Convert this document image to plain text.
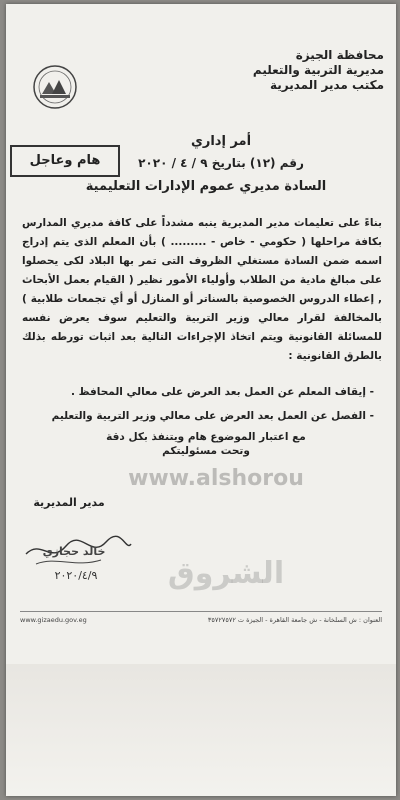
محافظة الجيزة
مديرية التربية والتعليم
مكتب مدير المديرية
هام وعاجل
أمر إداري
رقم (١٢) بتاريخ ٩ / ٤ / ٢٠٢٠
السادة مديري عموم الإدارات التعليمية
بناءً على تعليمات مدير المديرية ينبه مشدداً على كافة مديري المدارس بكافة مراحلها ( حكومي - خاص - ......... ) بأن المعلم الذى يتم إدراج اسمه ضمن السادة مستغلي الظروف التى تمر بها البلاد لكى يحصلوا على مبالغ مادية من الطلاب وأولياء الأمور نظير ( القيام بعمل الأبحاث , إعطاء الدروس الخصوصية بالسناتر أو المنازل أو أي تجمعات طلابية ) بالمخالفة لقرار معالي وزير التربية والتعليم سوف يعرض نفسه للمسائلة القانونية ويتم اتخاذ الإجراءات التالية بعد اثبات تورطه بذلك بالطرق القانونية :
- إيقاف المعلم عن العمل بعد العرض على معالي المحافظ .
- الفصل عن العمل بعد العرض على معالي وزير التربية والتعليم
مع اعتبار الموضوع هام ويتنفذ بكل دقة
وتحت مسئوليتكم
www.alshorou
مدير المديرية
خالد حجازي
٢٠٢٠/٤/٩	الشروق
www.gizaedu.gov.eg	العنوان : ش السلخانة - ش جامعة القاهرة - الجيزة ت ٣٥٧٢٧٥٧٢
